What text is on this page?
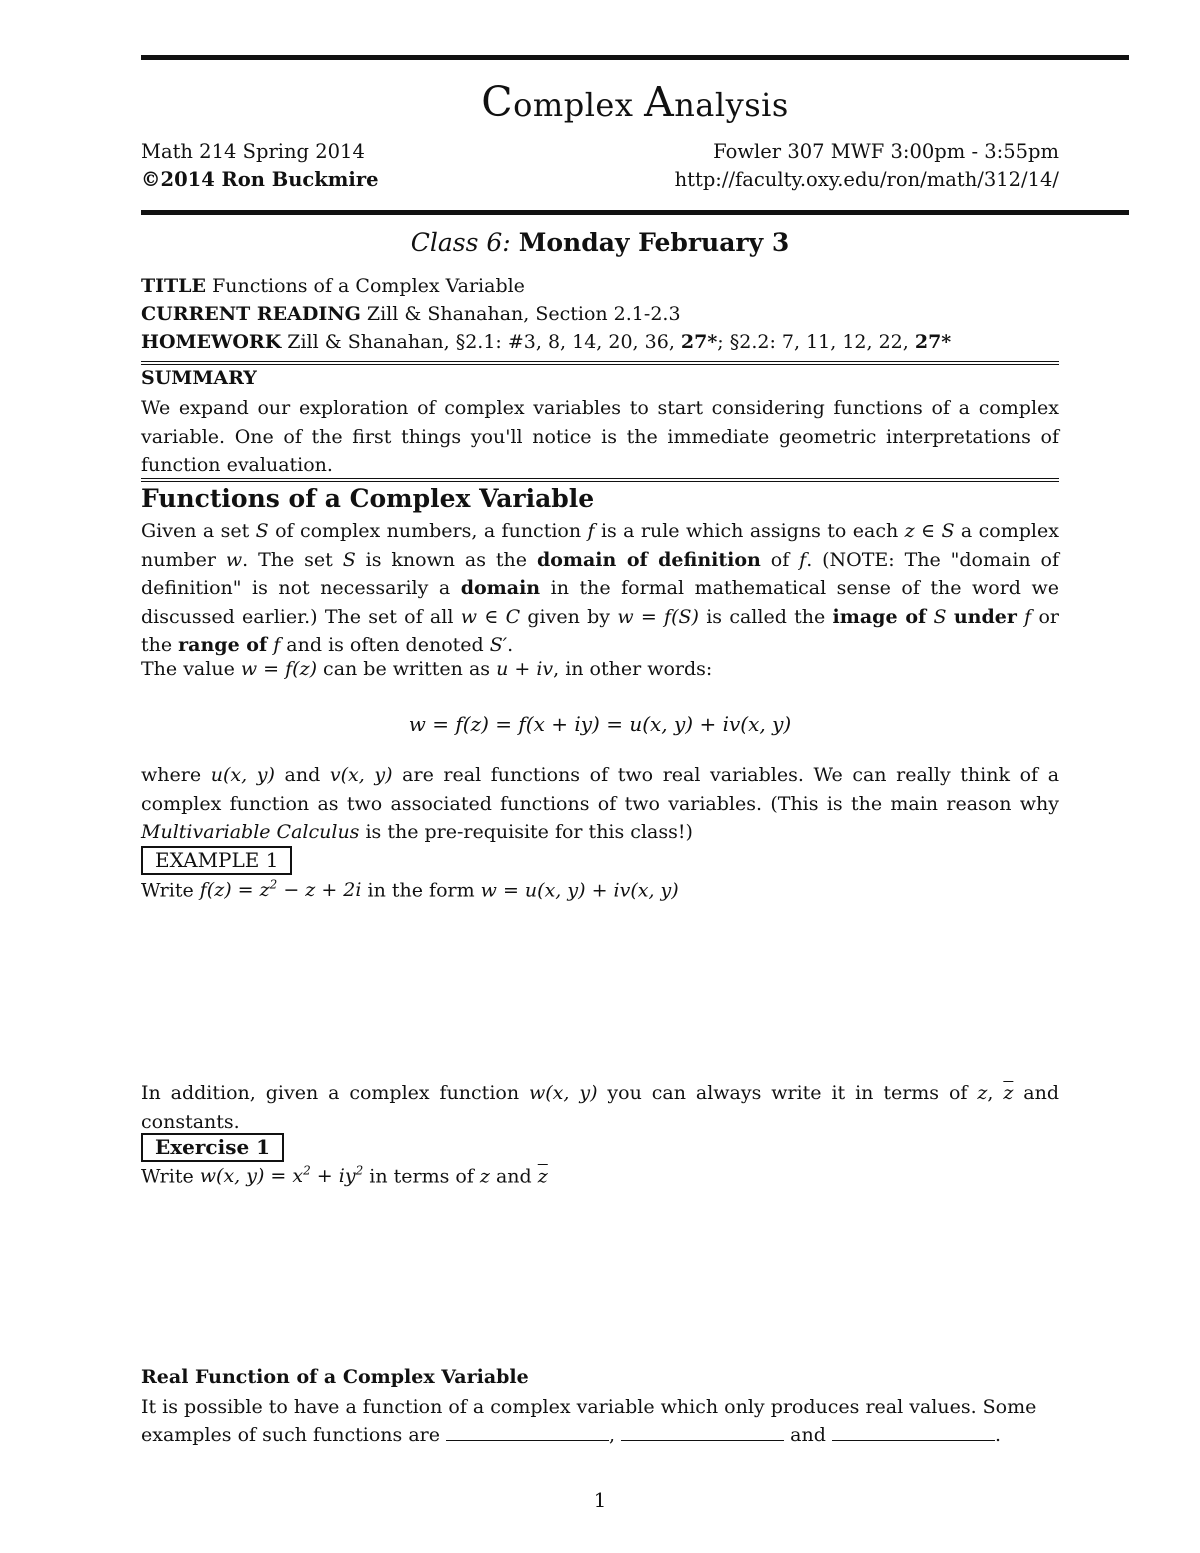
Complex Analysis
Math 214 Spring 2014	Fowler 307 MWF 3:00pm - 3:55pm
©2014 Ron Buckmire	http://faculty.oxy.edu/ron/math/312/14/
Class 6: Monday February 3
TITLE Functions of a Complex Variable
CURRENT READING Zill & Shanahan, Section 2.1-2.3
HOMEWORK Zill & Shanahan, §2.1: #3, 8, 14, 20, 36, 27*; §2.2: 7, 11, 12, 22, 27*
SUMMARY
We expand our exploration of complex variables to start considering functions of a complex variable. One of the first things you'll notice is the immediate geometric interpretations of function evaluation.
Functions of a Complex Variable
Given a set S of complex numbers, a function f is a rule which assigns to each z ∈ S a complex number w. The set S is known as the domain of definition of f. (NOTE: The "domain of definition" is not necessarily a domain in the formal mathematical sense of the word we discussed earlier.) The set of all w ∈ C given by w = f(S) is called the image of S under f or the range of f and is often denoted S′.
The value w = f(z) can be written as u + iv, in other words:
w = f(z) = f(x + iy) = u(x, y) + iv(x, y)
where u(x, y) and v(x, y) are real functions of two real variables. We can really think of a complex function as two associated functions of two variables. (This is the main reason why Multivariable Calculus is the pre-requisite for this class!)
EXAMPLE 1
Write $f(z) = z^2 - z + 2i$ in the form w = u(x, y) + iv(x, y)
In addition, given a complex function w(x, y) you can always write it in terms of z, $\overline{z}$ and constants.
Exercise 1
Write w(x, $y) = x^2 + iy^2$ in terms of z and $\overline{z}$
Real Function of a Complex Variable
It is possible to have a function of a complex variable which only produces real values. Some
examples of such functions are	,	and	.
1
